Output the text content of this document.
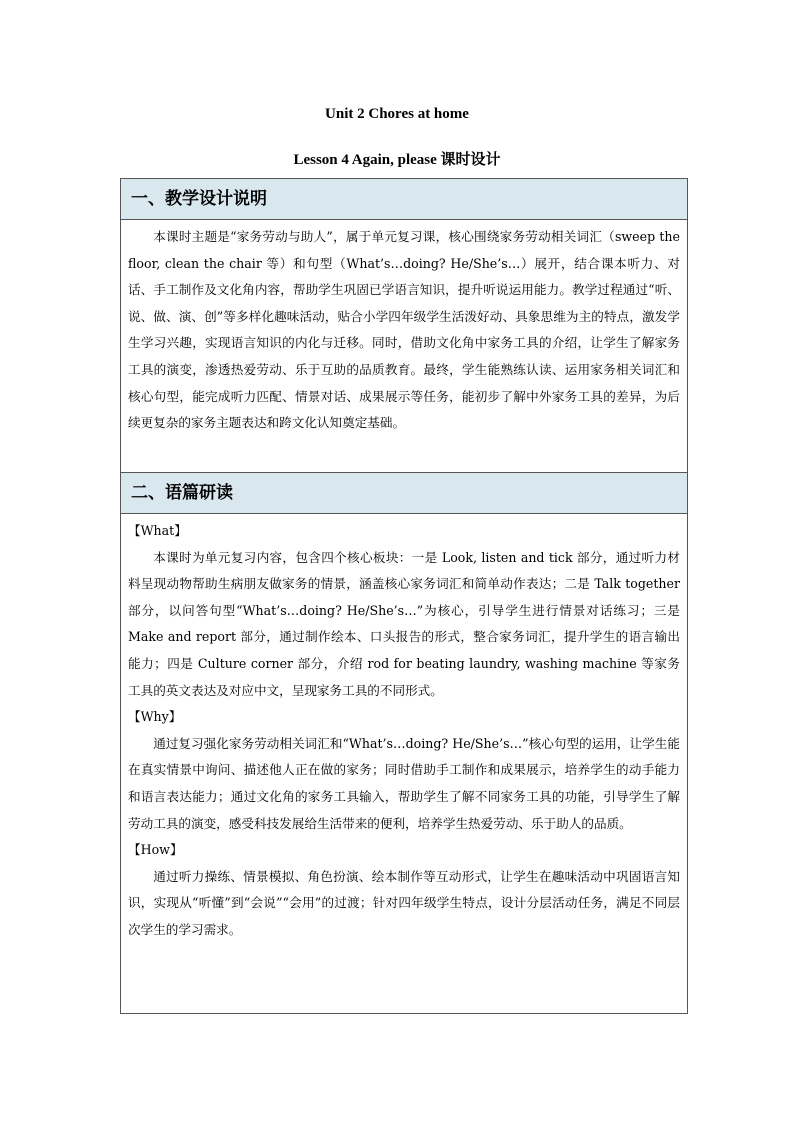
Unit 2 Chores at home
Lesson 4 Again, please 课时设计
一、教学设计说明

本课时主题是“家务劳动与助人”，属于单元复习课，核心围绕家务劳动相关词汇（sweep the floor, clean the chair 等）和句型（What’s…doing? He/She’s…）展开，结合课本听力、对话、手工制作及文化角内容，帮助学生巩固已学语言知识，提升听说运用能力。教学过程通过“听、说、做、演、创”等多样化趣味活动，贴合小学四年级学生活泼好动、具象思维为主的特点，激发学生学习兴趣，实现语言知识的内化与迁移。同时，借助文化角中家务工具的介绍，让学生了解家务工具的演变，渗透热爱劳动、乐于互助的品质教育。最终，学生能熟练认读、运用家务相关词汇和核心句型，能完成听力匹配、情景对话、成果展示等任务，能初步了解中外家务工具的差异，为后续更复杂的家务主题表达和跨文化认知奠定基础。

二、语篇研读

【What】

本课时为单元复习内容，包含四个核心板块：一是 Look, listen and tick 部分，通过听力材料呈现动物帮助生病朋友做家务的情景，涵盖核心家务词汇和简单动作表达；二是 Talk together 部分，以问答句型“What’s…doing? He/She’s…”为核心，引导学生进行情景对话练习；三是 Make and report 部分，通过制作绘本、口头报告的形式，整合家务词汇，提升学生的语言输出能力；四是 Culture corner 部分，介绍 rod for beating laundry, washing machine 等家务工具的英文表达及对应中文，呈现家务工具的不同形式。

【Why】

通过复习强化家务劳动相关词汇和“What’s…doing? He/She’s…”核心句型的运用，让学生能在真实情景中询问、描述他人正在做的家务；同时借助手工制作和成果展示，培养学生的动手能力和语言表达能力；通过文化角的家务工具输入，帮助学生了解不同家务工具的功能，引导学生了解劳动工具的演变，感受科技发展给生活带来的便利，培养学生热爱劳动、乐于助人的品质。

【How】

通过听力操练、情景模拟、角色扮演、绘本制作等互动形式，让学生在趣味活动中巩固语言知识，实现从“听懂”到“会说”“会用”的过渡；针对四年级学生特点，设计分层活动任务，满足不同层次学生的学习需求。
